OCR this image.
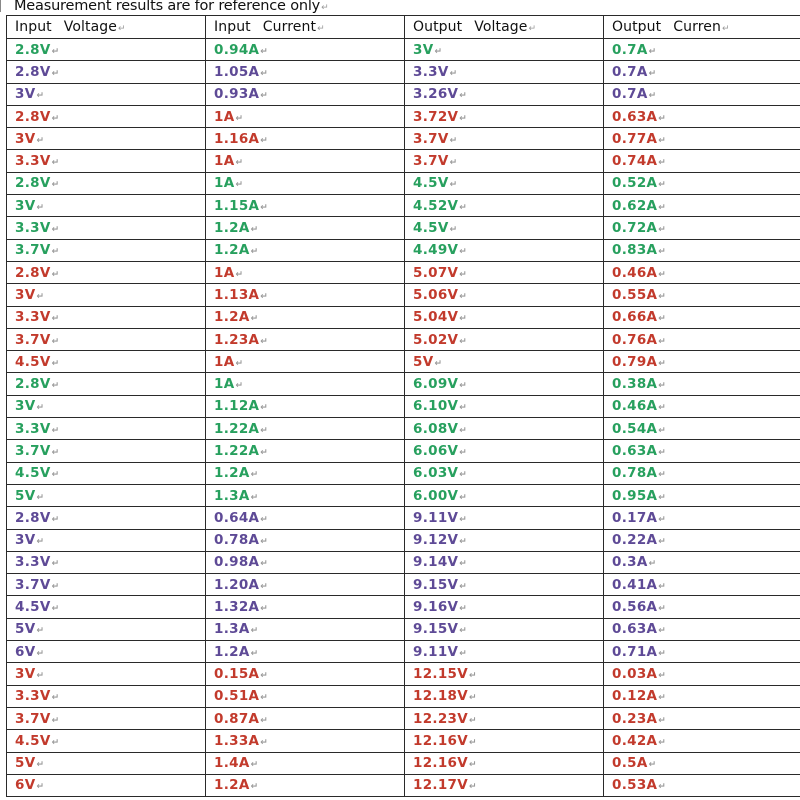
Measurement results are for reference only↵
Input Voltage↵	Input Current↵	Output Voltage↵	Output Curren↵
2.8V↵	0.94A↵	3V↵	0.7A↵
2.8V↵	1.05A↵	3.3V↵	0.7A↵
3V↵	0.93A↵	3.26V↵	0.7A↵
2.8V↵	1A↵	3.72V↵	0.63A↵
3V↵	1.16A↵	3.7V↵	0.77A↵
3.3V↵	1A↵	3.7V↵	0.74A↵
2.8V↵	1A↵	4.5V↵	0.52A↵
3V↵	1.15A↵	4.52V↵	0.62A↵
3.3V↵	1.2A↵	4.5V↵	0.72A↵
3.7V↵	1.2A↵	4.49V↵	0.83A↵
2.8V↵	1A↵	5.07V↵	0.46A↵
3V↵	1.13A↵	5.06V↵	0.55A↵
3.3V↵	1.2A↵	5.04V↵	0.66A↵
3.7V↵	1.23A↵	5.02V↵	0.76A↵
4.5V↵	1A↵	5V↵	0.79A↵
2.8V↵	1A↵	6.09V↵	0.38A↵
3V↵	1.12A↵	6.10V↵	0.46A↵
3.3V↵	1.22A↵	6.08V↵	0.54A↵
3.7V↵	1.22A↵	6.06V↵	0.63A↵
4.5V↵	1.2A↵	6.03V↵	0.78A↵
5V↵	1.3A↵	6.00V↵	0.95A↵
2.8V↵	0.64A↵	9.11V↵	0.17A↵
3V↵	0.78A↵	9.12V↵	0.22A↵
3.3V↵	0.98A↵	9.14V↵	0.3A↵
3.7V↵	1.20A↵	9.15V↵	0.41A↵
4.5V↵	1.32A↵	9.16V↵	0.56A↵
5V↵	1.3A↵	9.15V↵	0.63A↵
6V↵	1.2A↵	9.11V↵	0.71A↵
3V↵	0.15A↵	12.15V↵	0.03A↵
3.3V↵	0.51A↵	12.18V↵	0.12A↵
3.7V↵	0.87A↵	12.23V↵	0.23A↵
4.5V↵	1.33A↵	12.16V↵	0.42A↵
5V↵	1.4A↵	12.16V↵	0.5A↵
6V↵	1.2A↵	12.17V↵	0.53A↵
